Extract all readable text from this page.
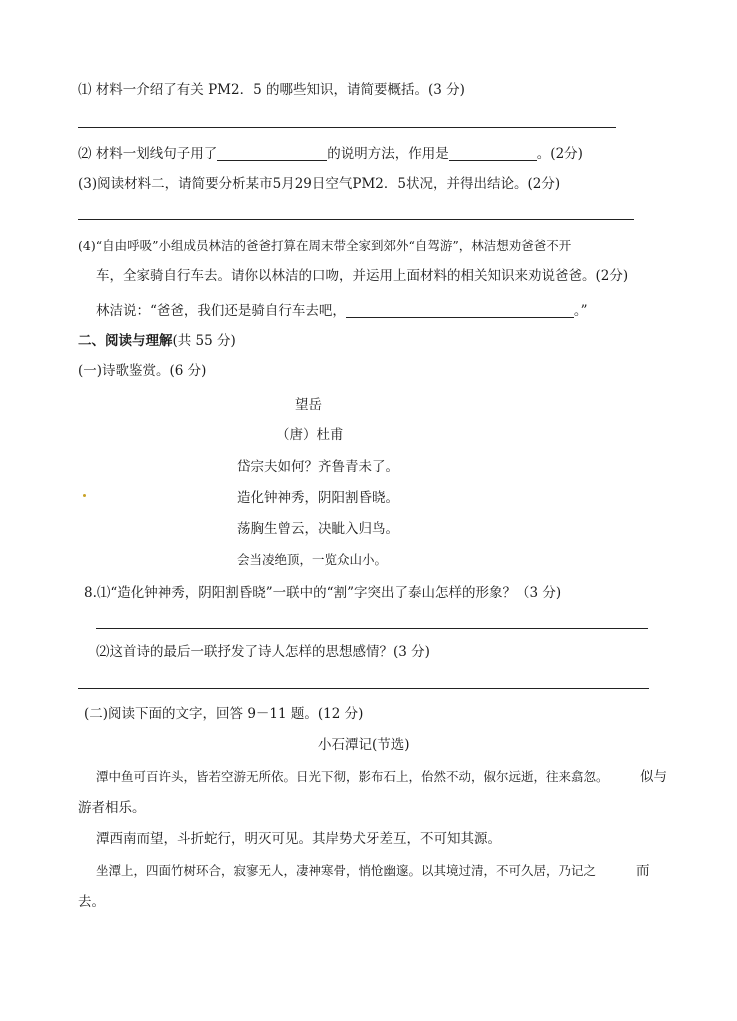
⑴ 材料一介绍了有关 PM2．5 的哪些知识，请简要概括。(3 分)
⑵ 材料一划线句子用了	的说明方法，作用是	。(2分)
(3)阅读材料二，请简要分析某市5月29日空气PM2．5状况，并得出结论。(2分)
(4)“自由呼吸”小组成员林洁的爸爸打算在周末带全家到郊外“自驾游”，林洁想劝爸爸不开
车，全家骑自行车去。请你以林洁的口吻，并运用上面材料的相关知识来劝说爸爸。(2分)
林洁说：“爸爸，我们还是骑自行车去吧，	。”
二、阅读与理解(共 55 分)
(一)诗歌鉴赏。(6 分)
望岳
（唐）杜甫
岱宗夫如何？齐鲁青未了。
造化钟神秀，阴阳割昏晓。
荡胸生曾云，决眦入归鸟。
会当凌绝顶，一览众山小。
8.⑴“造化钟神秀，阴阳割昏晓”一联中的“割”字突出了泰山怎样的形象？（3 分)
⑵这首诗的最后一联抒发了诗人怎样的思想感情？(3 分)
(二)阅读下面的文字，回答 9－11 题。(12 分)
小石潭记(节选)
潭中鱼可百许头，皆若空游无所依。日光下彻，影布石上，佁然不动，俶尔远逝，往来翕忽。 似与
游者相乐。
潭西南而望，斗折蛇行，明灭可见。其岸势犬牙差互，不可知其源。
坐潭上，四面竹树环合，寂寥无人，凄神寒骨，悄怆幽邃。以其境过清，不可久居，乃记之	而
去。
